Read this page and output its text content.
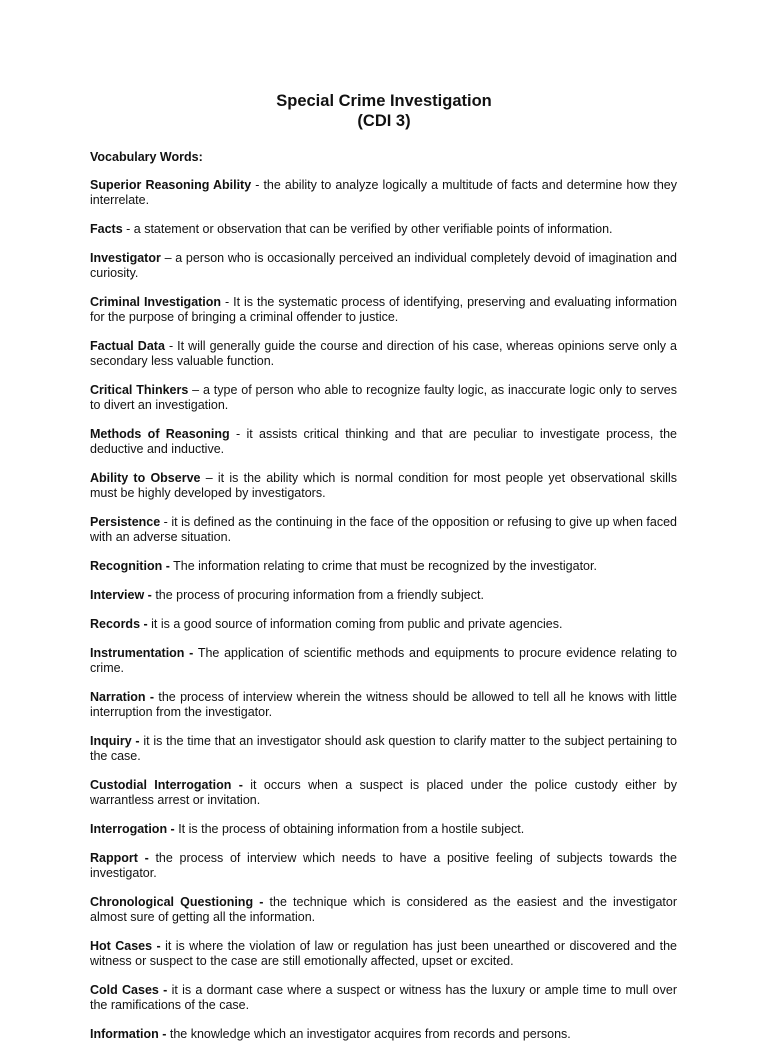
Special Crime Investigation
(CDI 3)
Vocabulary Words:

Superior Reasoning Ability - the ability to analyze logically a multitude of facts and determine how they interrelate.

Facts - a statement or observation that can be verified by other verifiable points of information.

Investigator – a person who is occasionally perceived an individual completely devoid of imagination and curiosity.

Criminal Investigation - It is the systematic process of identifying, preserving and evaluating information for the purpose of bringing a criminal offender to justice.

Factual Data - It will generally guide the course and direction of his case, whereas opinions serve only a secondary less valuable function.

Critical Thinkers – a type of person who able to recognize faulty logic, as inaccurate logic only to serves to divert an investigation.

Methods of Reasoning - it assists critical thinking and that are peculiar to investigate process, the deductive and inductive.

Ability to Observe – it is the ability which is normal condition for most people yet observational skills must be highly developed by investigators.

Persistence - it is defined as the continuing in the face of the opposition or refusing to give up when faced with an adverse situation.

Recognition - The information relating to crime that must be recognized by the investigator.

Interview - the process of procuring information from a friendly subject.

Records - it is a good source of information coming from public and private agencies.

Instrumentation - The application of scientific methods and equipments to procure evidence relating to crime.

Narration - the process of interview wherein the witness should be allowed to tell all he knows with little interruption from the investigator.

Inquiry - it is the time that an investigator should ask question to clarify matter to the subject pertaining to the case.

Custodial Interrogation - it occurs when a suspect is placed under the police custody either by warrantless arrest or invitation.

Interrogation - It is the process of obtaining information from a hostile subject.

Rapport - the process of interview which needs to have a positive feeling of subjects towards the investigator.

Chronological Questioning - the technique which is considered as the easiest and the investigator almost sure of getting all the information.

Hot Cases - it is where the violation of law or regulation has just been unearthed or discovered and the witness or suspect to the case are still emotionally affected, upset or excited.

Cold Cases - it is a dormant case where a suspect or witness has the luxury or ample time to mull over the ramifications of the case.

Information - the knowledge which an investigator acquires from records and persons.
